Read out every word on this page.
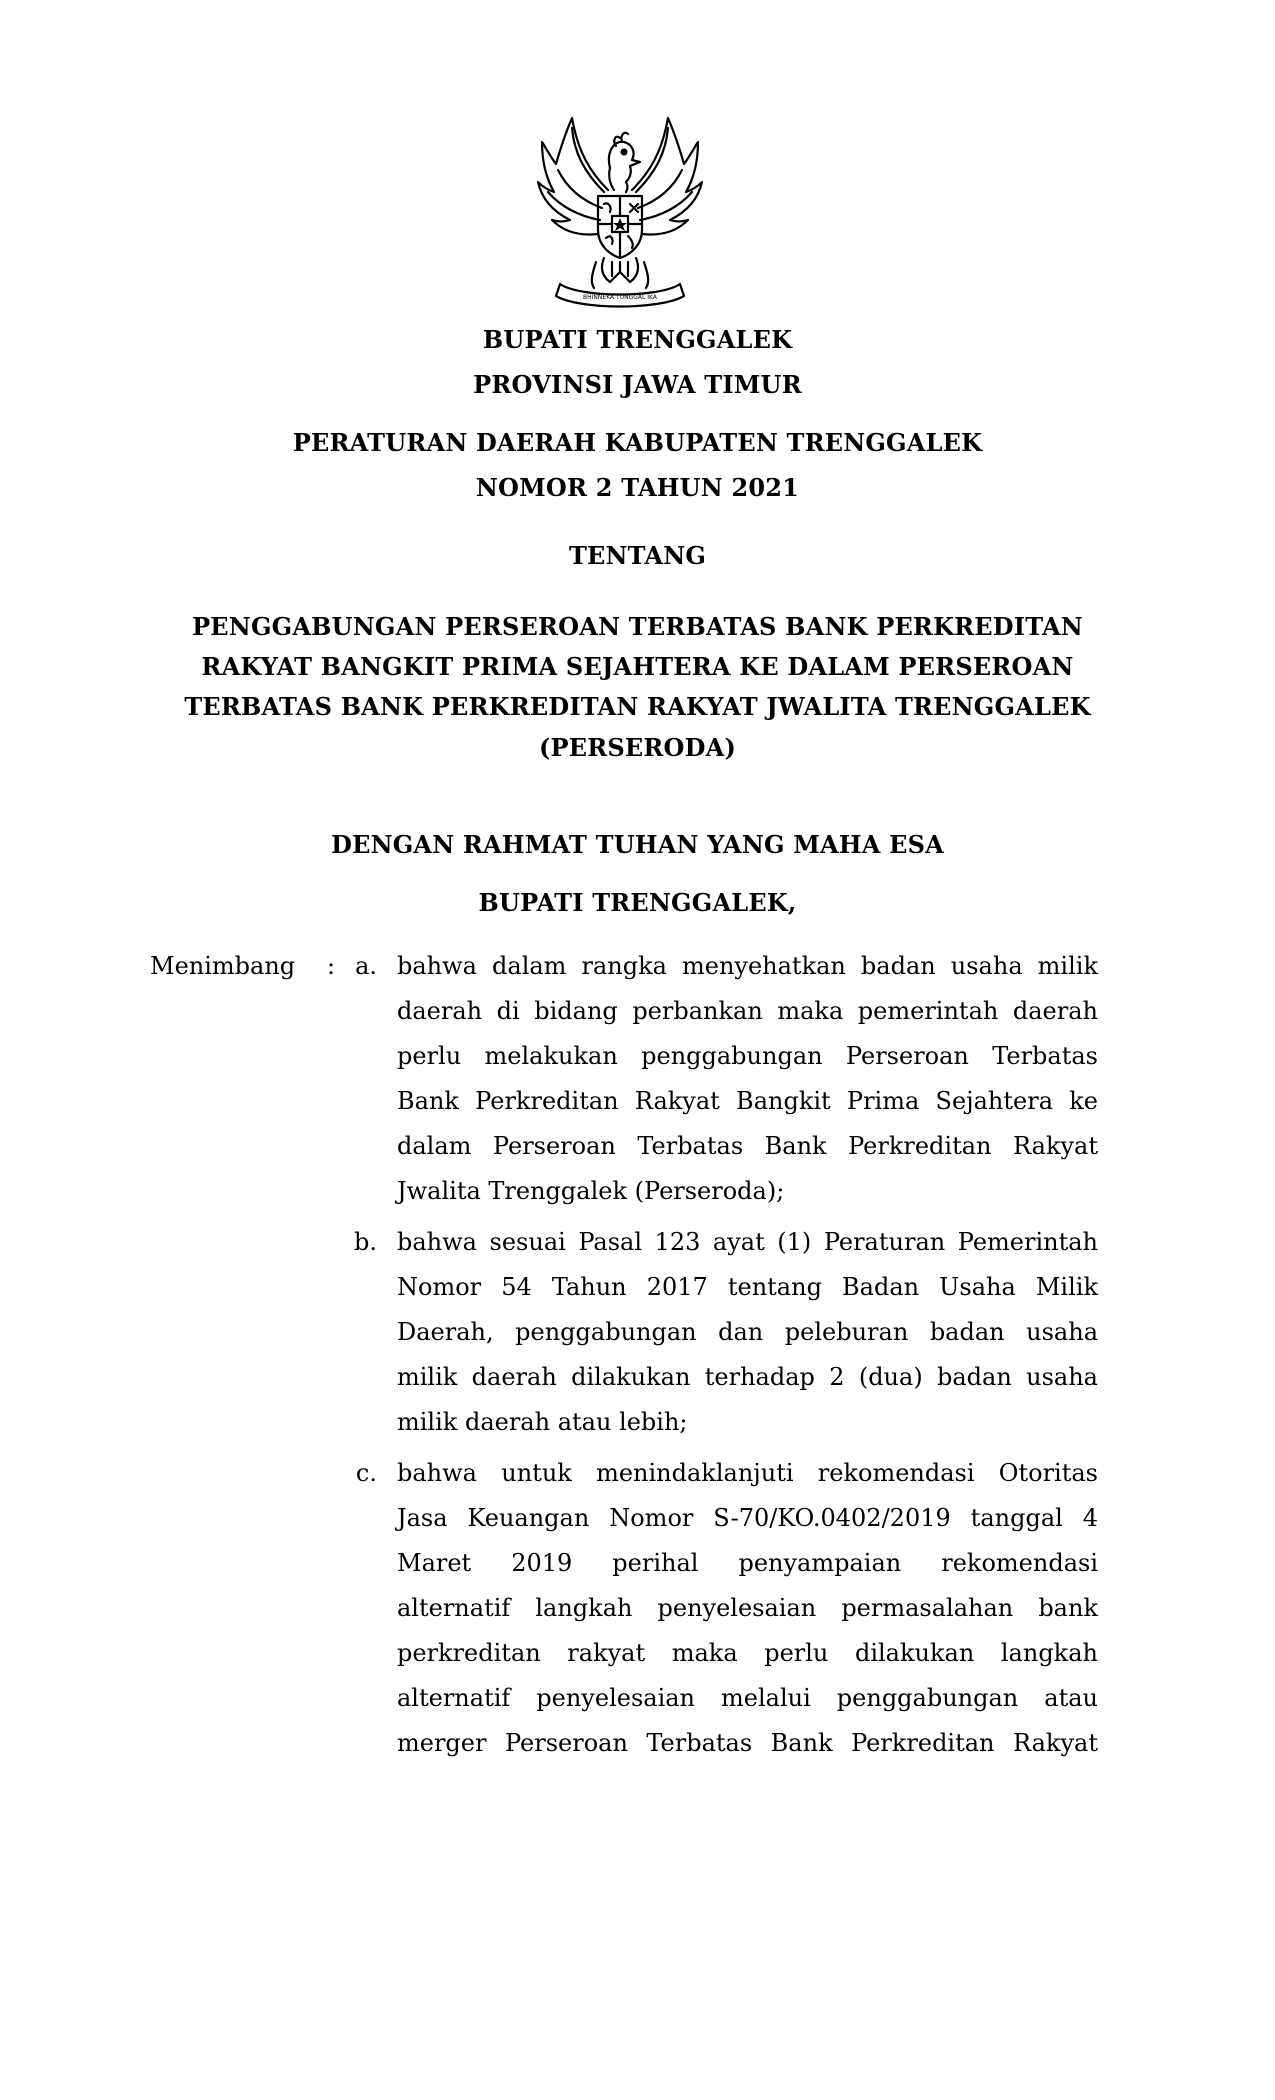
BHINNEKA TUNGGAL IKA
BUPATI TRENGGALEK
PROVINSI JAWA TIMUR
PERATURAN DAERAH KABUPATEN TRENGGALEK
NOMOR 2 TAHUN 2021
TENTANG
PENGGABUNGAN PERSEROAN TERBATAS BANK PERKREDITAN
RAKYAT BANGKIT PRIMA SEJAHTERA KE DALAM PERSEROAN
TERBATAS BANK PERKREDITAN RAKYAT JWALITA TRENGGALEK
(PERSERODA)
DENGAN RAHMAT TUHAN YANG MAHA ESA
BUPATI TRENGGALEK,
Menimbang : a. bahwa dalam rangka menyehatkan badan usaha milik
daerah di bidang perbankan maka pemerintah daerah
perlu melakukan penggabungan Perseroan Terbatas
Bank Perkreditan Rakyat Bangkit Prima Sejahtera ke
dalam Perseroan Terbatas Bank Perkreditan Rakyat
Jwalita Trenggalek (Perseroda);
b. bahwa sesuai Pasal 123 ayat (1) Peraturan Pemerintah
Nomor 54 Tahun 2017 tentang Badan Usaha Milik
Daerah, penggabungan dan peleburan badan usaha
milik daerah dilakukan terhadap 2 (dua) badan usaha
milik daerah atau lebih;
c. bahwa untuk menindaklanjuti rekomendasi Otoritas
Jasa Keuangan Nomor S-70/KO.0402/2019 tanggal 4
Maret 2019 perihal penyampaian rekomendasi
alternatif langkah penyelesaian permasalahan bank
perkreditan rakyat maka perlu dilakukan langkah
alternatif penyelesaian melalui penggabungan atau
merger Perseroan Terbatas Bank Perkreditan Rakyat
